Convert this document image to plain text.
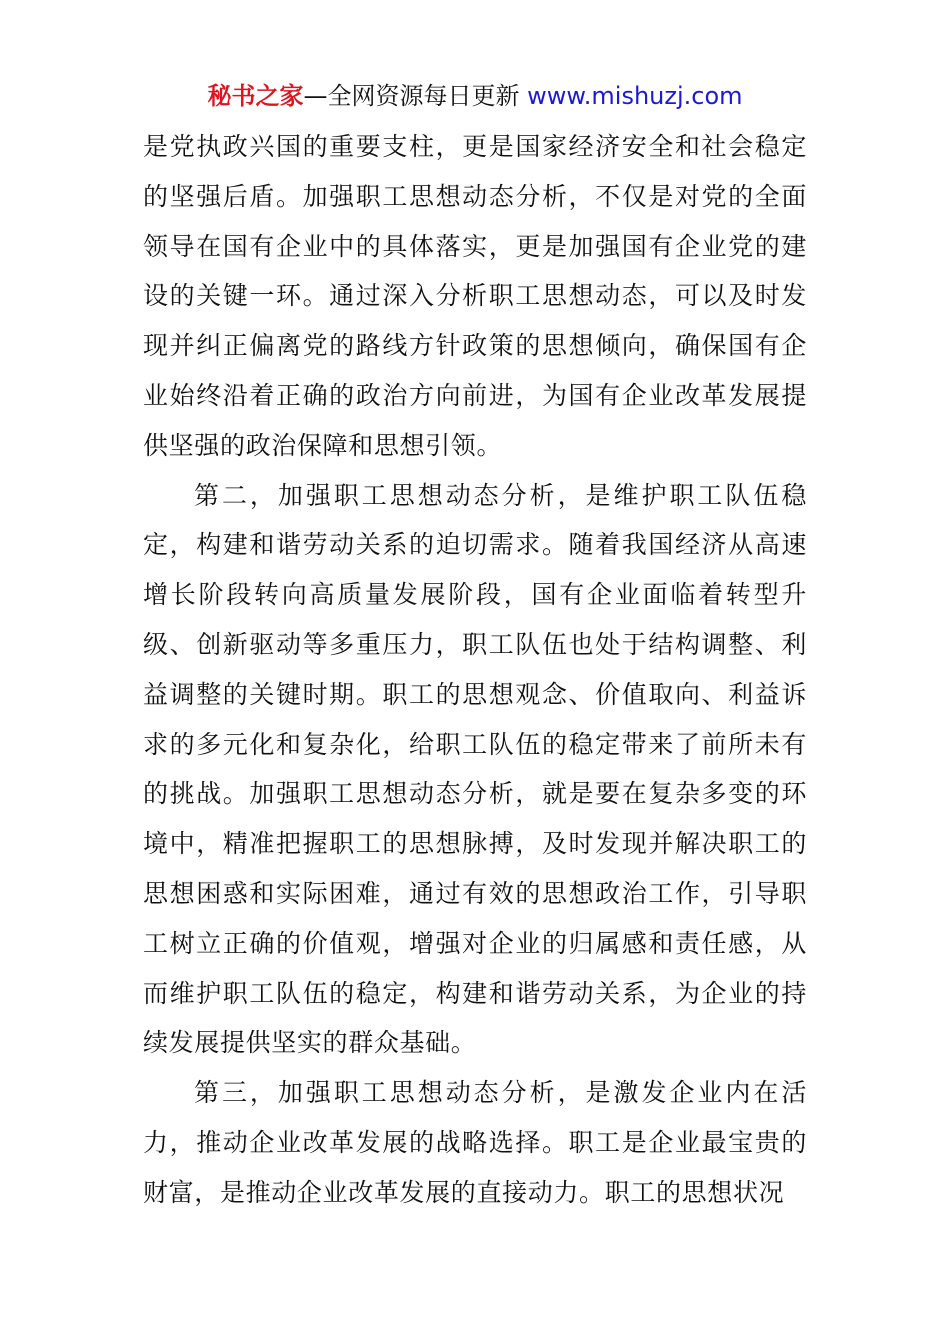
秘书之家—全网资源每日更新 www.mishuzj.com

是党执政兴国的重要支柱，更是国家经济安全和社会稳定的坚强后盾。加强职工思想动态分析，不仅是对党的全面领导在国有企业中的具体落实，更是加强国有企业党的建设的关键一环。通过深入分析职工思想动态，可以及时发现并纠正偏离党的路线方针政策的思想倾向，确保国有企业始终沿着正确的政治方向前进，为国有企业改革发展提供坚强的政治保障和思想引领。

第二，加强职工思想动态分析，是维护职工队伍稳定，构建和谐劳动关系的迫切需求。随着我国经济从高速增长阶段转向高质量发展阶段，国有企业面临着转型升级、创新驱动等多重压力，职工队伍也处于结构调整、利益调整的关键时期。职工的思想观念、价值取向、利益诉求的多元化和复杂化，给职工队伍的稳定带来了前所未有的挑战。加强职工思想动态分析，就是要在复杂多变的环境中，精准把握职工的思想脉搏，及时发现并解决职工的思想困惑和实际困难，通过有效的思想政治工作，引导职工树立正确的价值观，增强对企业的归属感和责任感，从而维护职工队伍的稳定，构建和谐劳动关系，为企业的持续发展提供坚实的群众基础。

第三，加强职工思想动态分析，是激发企业内在活力，推动企业改革发展的战略选择。职工是企业最宝贵的财富，是推动企业改革发展的直接动力。职工的思想状况
